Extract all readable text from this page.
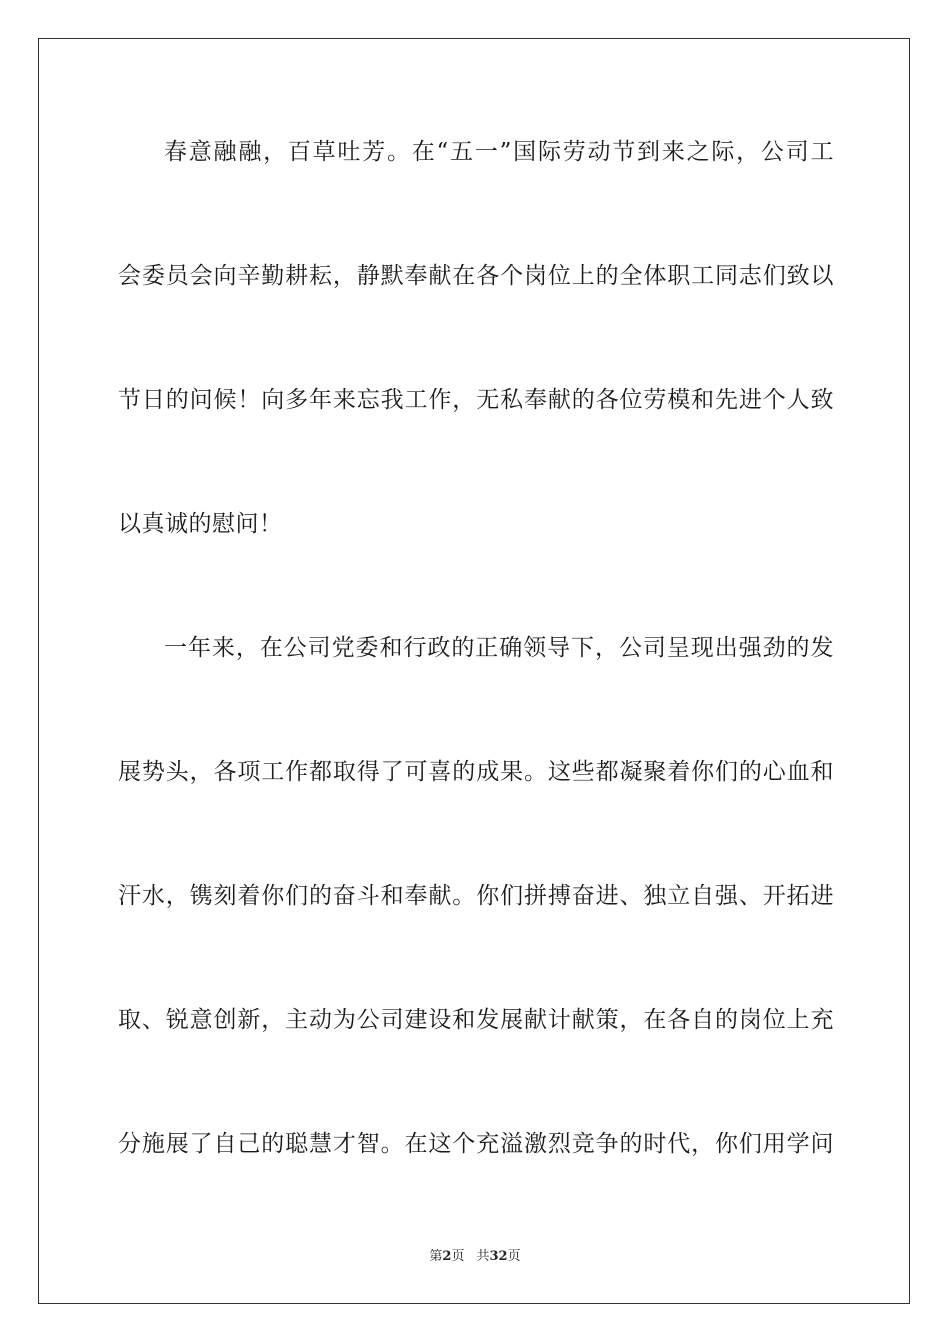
春意融融，百草吐芳。在“五一”国际劳动节到来之际，公司工
会委员会向辛勤耕耘，静默奉献在各个岗位上的全体职工同志们致以
节日的问候！向多年来忘我工作，无私奉献的各位劳模和先进个人致
以真诚的慰问！
一年来，在公司党委和行政的正确领导下，公司呈现出强劲的发
展势头，各项工作都取得了可喜的成果。这些都凝聚着你们的心血和
汗水，镌刻着你们的奋斗和奉献。你们拼搏奋进、独立自强、开拓进
取、锐意创新，主动为公司建设和发展献计献策，在各自的岗位上充
分施展了自己的聪慧才智。在这个充溢激烈竞争的时代，你们用学问
第2页 共32页
